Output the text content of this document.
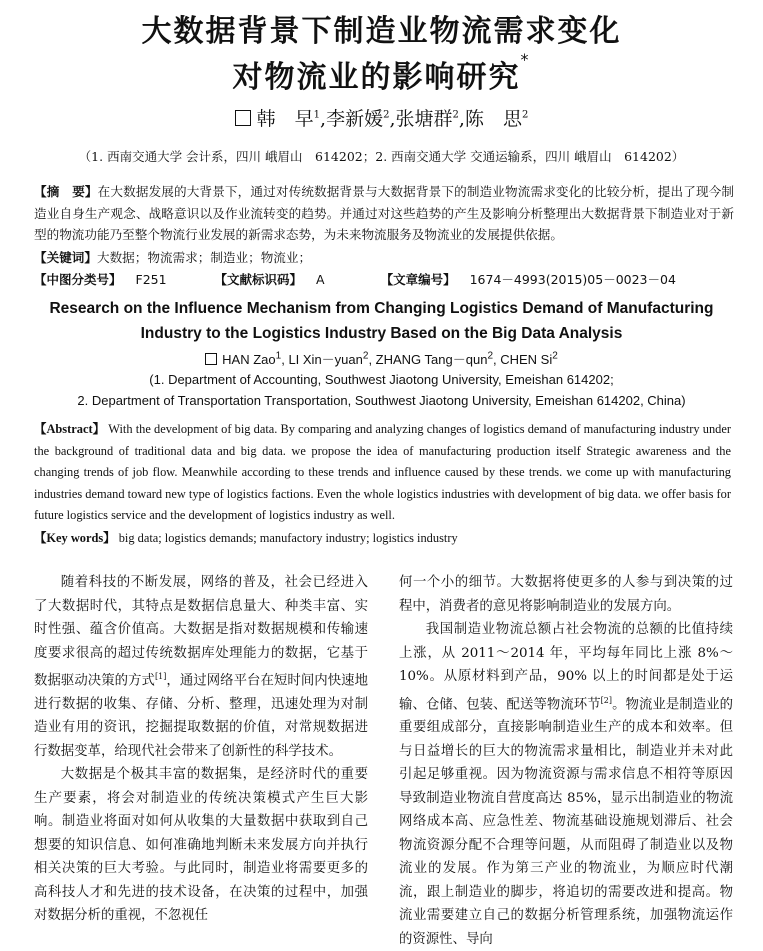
大数据背景下制造业物流需求变化
对物流业的影响研究*
韩　早$^1$,李新媛$^2$,张塘群$^2$,陈　思$^2$
（1. 西南交通大学 会计系，四川 峨眉山　614202；2. 西南交通大学 交通运输系，四川 峨眉山　614202）
【摘　要】在大数据发展的大背景下，通过对传统数据背景与大数据背景下的制造业物流需求变化的比较分析，提出了现今制造业自身生产观念、战略意识以及作业流转变的趋势。并通过对这些趋势的产生及影响分析整理出大数据背景下制造业对于新型的物流功能乃至整个物流行业发展的新需求态势，为未来物流服务及物流业的发展提供依据。
【关键词】大数据；物流需求；制造业；物流业；
【中图分类号】 F251	【文献标识码】 A	【文章编号】 1674－4993(2015)05－0023－04
Research on the Influence Mechanism from Changing Logistics Demand of Manufacturing
Industry to the Logistics Industry Based on the Big Data Analysis
HAN Zao$^1$, LI Xin－yuan$^2$, ZHANG Tang－qun$^2$, CHEN Si$^2$
(1. Department of Accounting, Southwest Jiaotong University, Emeishan 614202;
2. Department of Transportation Transportation, Southwest Jiaotong University, Emeishan 614202, China)
【Abstract】 With the development of big data. By comparing and analyzing changes of logistics demand of manufacturing industry under the background of traditional data and big data. we propose the idea of manufacturing production itself Strategic awareness and the changing trends of job flow. Meanwhile according to these trends and influence caused by these trends. we come up with manufacturing industries demand toward new type of logistics factions. Even the whole logistics industries with development of big data. we offer basis for future logistics service and the development of logistics industry as well.
【Key words】 big data; logistics demands; manufactory industry; logistics industry

随着科技的不断发展，网络的普及，社会已经进入了大数据时代，其特点是数据信息量大、种类丰富、实时性强、蕴含价值高。大数据是指对数据规模和传输速度要求很高的超过传统数据库处理能力的数据，它基于数据驱动决策的方式[1]，通过网络平台在短时间内快速地进行数据的收集、存储、分析、整理，迅速处理为对制造业有用的资讯，挖掘提取数据的价值，对常规数据进行数据变革，给现代社会带来了创新性的科学技术。

大数据是个极其丰富的数据集，是经济时代的重要生产要素，将会对制造业的传统决策模式产生巨大影响。制造业将面对如何从收集的大量数据中获取到自己想要的知识信息、如何准确地判断未来发展方向并执行相关决策的巨大考验。与此同时，制造业将需要更多的高科技人才和先进的技术设备，在决策的过程中，加强对数据分析的重视，不忽视任

何一个小的细节。大数据将使更多的人参与到决策的过程中，消费者的意见将影响制造业的发展方向。

我国制造业物流总额占社会物流的总额的比值持续上涨，从 2011～2014 年，平均每年同比上涨 8%～10%。从原材料到产品，90% 以上的时间都是处于运输、仓储、包装、配送等物流环节[2]。物流业是制造业的重要组成部分，直接影响制造业生产的成本和效率。但与日益增长的巨大的物流需求量相比，制造业并未对此引起足够重视。因为物流资源与需求信息不相符等原因导致制造业物流自营度高达 85%，显示出制造业的物流网络成本高、应急性差、物流基础设施规划滞后、社会物流资源分配不合理等问题，从而阻碍了制造业以及物流业的发展。作为第三产业的物流业，为顺应时代潮流，跟上制造业的脚步，将追切的需要改进和提高。物流业需要建立自己的数据分析管理系统，加强物流运作的资源性、导向
